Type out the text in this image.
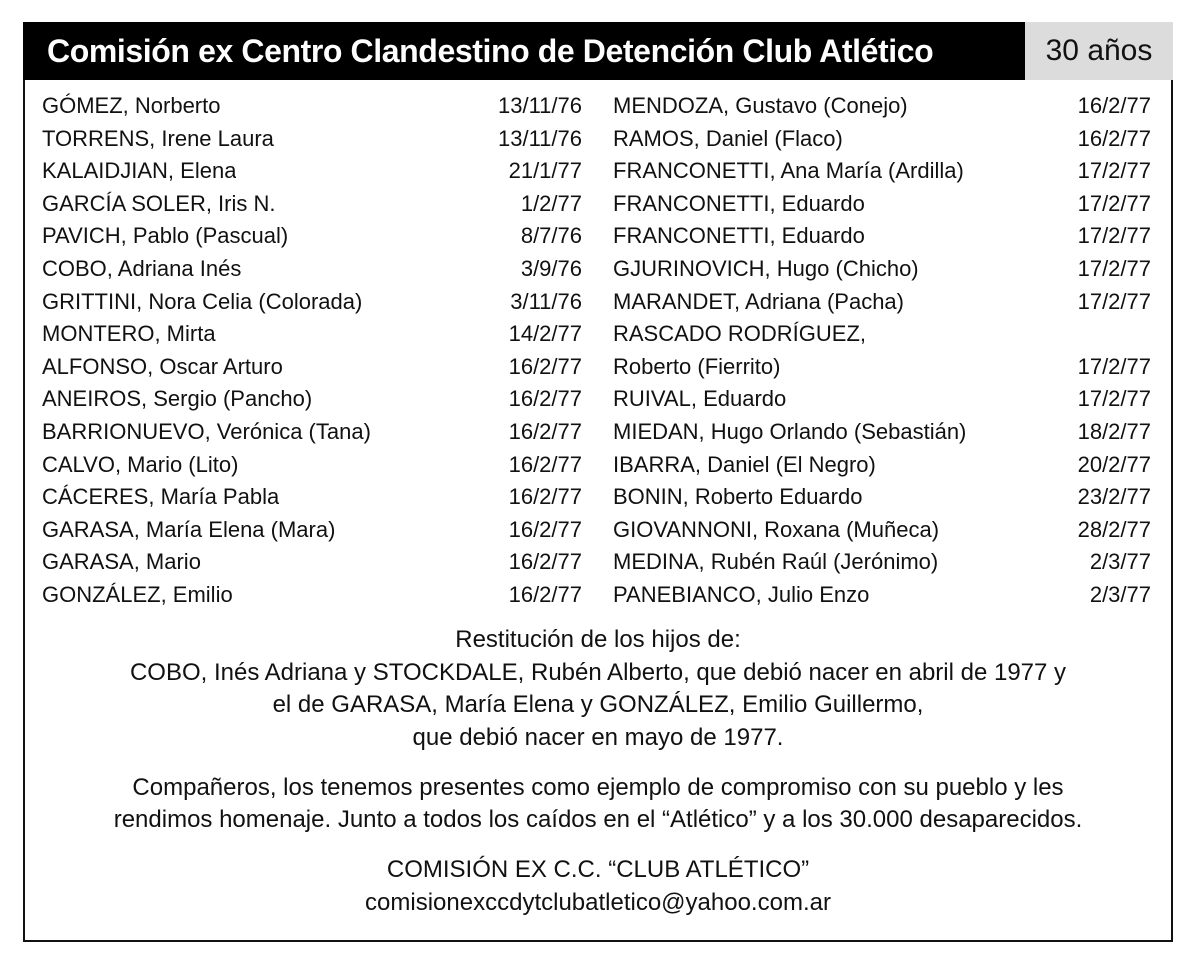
Comisión ex Centro Clandestino de Detención Club Atlético	30 años
GÓMEZ, Norberto	13/11/76
TORRENS, Irene Laura	13/11/76
KALAIDJIAN, Elena	21/1/77
GARCÍA SOLER, Iris N.	1/2/77
PAVICH, Pablo (Pascual)	8/7/76
COBO, Adriana Inés	3/9/76
GRITTINI, Nora Celia (Colorada)	3/11/76
MONTERO, Mirta	14/2/77
ALFONSO, Oscar Arturo	16/2/77
ANEIROS, Sergio (Pancho)	16/2/77
BARRIONUEVO, Verónica (Tana)	16/2/77
CALVO, Mario (Lito)	16/2/77
CÁCERES, María Pabla	16/2/77
GARASA, María Elena (Mara)	16/2/77
GARASA, Mario	16/2/77
GONZÁLEZ, Emilio	16/2/77
MENDOZA, Gustavo (Conejo)	16/2/77
RAMOS, Daniel (Flaco)	16/2/77
FRANCONETTI, Ana María (Ardilla)	17/2/77
FRANCONETTI, Eduardo	17/2/77
FRANCONETTI, Eduardo	17/2/77
GJURINOVICH, Hugo (Chicho)	17/2/77
MARANDET, Adriana (Pacha)	17/2/77
RASCADO RODRÍGUEZ,
Roberto (Fierrito)	17/2/77
RUIVAL, Eduardo	17/2/77
MIEDAN, Hugo Orlando (Sebastián)	18/2/77
IBARRA, Daniel (El Negro)	20/2/77
BONIN, Roberto Eduardo	23/2/77
GIOVANNONI, Roxana (Muñeca)	28/2/77
MEDINA, Rubén Raúl (Jerónimo)	2/3/77
PANEBIANCO, Julio Enzo	2/3/77

Restitución de los hijos de:

COBO, Inés Adriana y STOCKDALE, Rubén Alberto, que debió nacer en abril de 1977 y

el de GARASA, María Elena y GONZÁLEZ, Emilio Guillermo,

que debió nacer en mayo de 1977.

Compañeros, los tenemos presentes como ejemplo de compromiso con su pueblo y les

rendimos homenaje. Junto a todos los caídos en el “Atlético” y a los 30.000 desaparecidos.

COMISIÓN EX C.C. “CLUB ATLÉTICO”

comisionexccdytclubatletico@yahoo.com.ar
